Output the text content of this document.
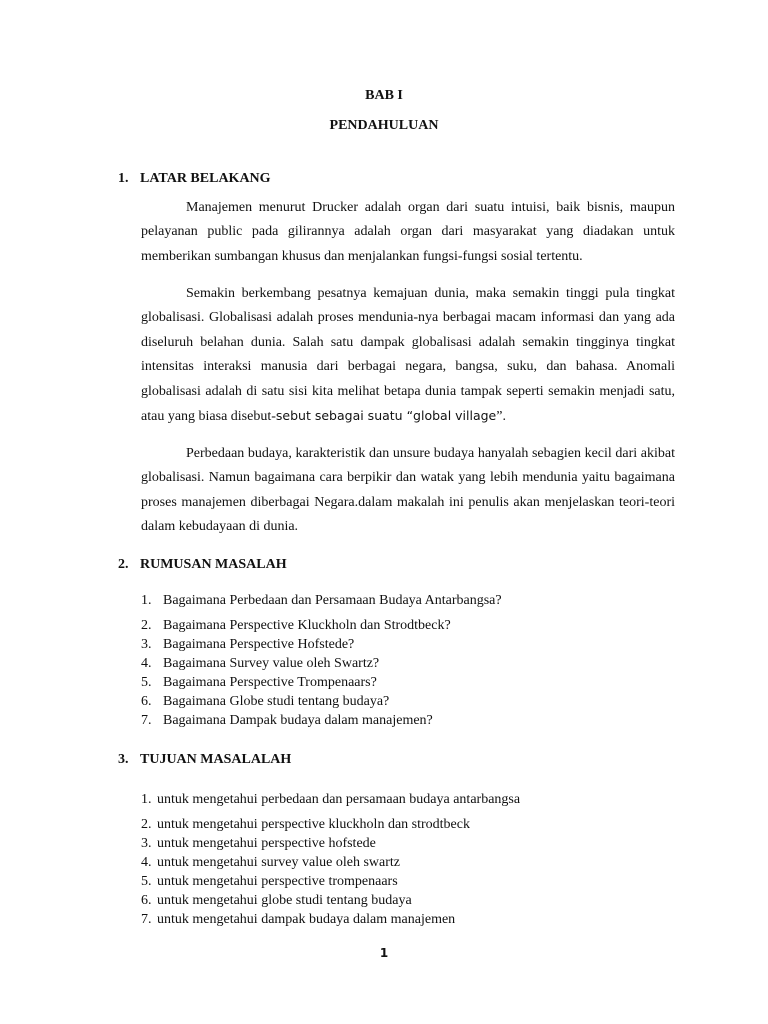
BAB I
PENDAHULUAN
1. LATAR BELAKANG

Manajemen menurut Drucker adalah organ dari suatu intuisi, baik bisnis, maupun pelayanan public pada gilirannya adalah organ dari masyarakat yang diadakan untuk memberikan sumbangan khusus dan menjalankan fungsi-fungsi sosial tertentu.

Semakin berkembang pesatnya kemajuan dunia, maka semakin tinggi pula tingkat globalisasi. Globalisasi adalah proses mendunia-nya berbagai macam informasi dan yang ada diseluruh belahan dunia. Salah satu dampak globalisasi adalah semakin tingginya tingkat intensitas interaksi manusia dari berbagai negara, bangsa, suku, dan bahasa. Anomali globalisasi adalah di satu sisi kita melihat betapa dunia tampak seperti semakin menjadi satu, atau yang biasa disebut-sebut sebagai suatu “global village”.

Perbedaan budaya, karakteristik dan unsure budaya hanyalah sebagien kecil dari akibat globalisasi. Namun bagaimana cara berpikir dan watak yang lebih mendunia yaitu bagaimana proses manajemen diberbagai Negara.dalam makalah ini penulis akan menjelaskan teori-teori dalam kebudayaan di dunia.

2. RUMUSAN MASALAH
1. Bagaimana Perbedaan dan Persamaan Budaya Antarbangsa?
2. Bagaimana Perspective Kluckholn dan Strodtbeck?
3. Bagaimana Perspective Hofstede?
4. Bagaimana Survey value oleh Swartz?
5. Bagaimana Perspective Trompenaars?
6. Bagaimana Globe studi tentang budaya?
7. Bagaimana Dampak budaya dalam manajemen?
3. TUJUAN MASALALAH
1. untuk mengetahui perbedaan dan persamaan budaya antarbangsa
2. untuk mengetahui perspective kluckholn dan strodtbeck
3. untuk mengetahui perspective hofstede
4. untuk mengetahui survey value oleh swartz
5. untuk mengetahui perspective trompenaars
6. untuk mengetahui globe studi tentang budaya
7. untuk mengetahui dampak budaya dalam manajemen
1
